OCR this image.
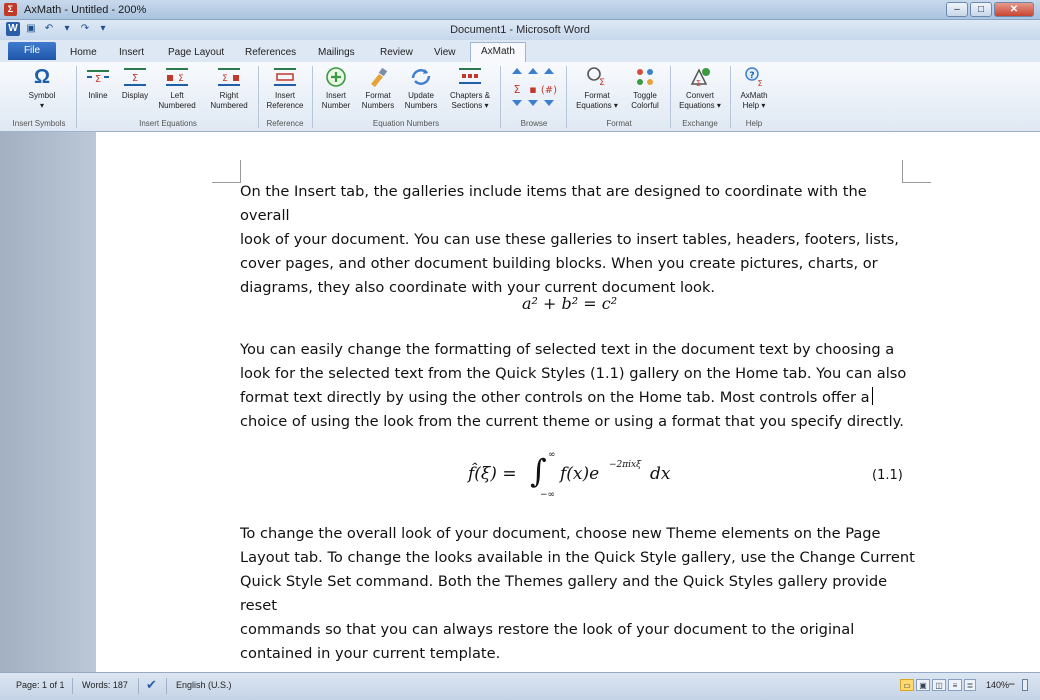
Σ AxMath - Untitled - 200%	–	□	✕
W ▣ ↶	▾	↷	▾	Document1 - Microsoft Word
File	Home Insert Page Layout References Mailings	Review View	AxMath
Ω
Symbol
▾
Σ
Inline
Σ
Display
Σ
Left
Numbered
Σ
Right
Numbered
Insert
Reference
Insert
Number
Format
Numbers
Update
Numbers
Chapters &
Sections ▾
Σ ▪ (#)
Σ
Format
Equations ▾
Toggle
Colorful
Σ
Convert
Equations ▾
?
Σ
AxMath
Help ▾
Insert Symbols	Insert Equations	Reference	Equation Numbers	Browse	Format	Exchange	Help
On the Insert tab, the galleries include items that are designed to coordinate with the overall
look of your document. You can use these galleries to insert tables, headers, footers, lists,
cover pages, and other document building blocks. When you create pictures, charts, or
diagrams, they also coordinate with your current document look.
a² + b² = c²
You can easily change the formatting of selected text in the document text by choosing a
look for the selected text from the Quick Styles (1.1) gallery on the Home tab. You can also
format text directly by using the other controls on the Home tab. Most controls offer a
choice of using the look from the current theme or using a format that you specify directly.
f̂(ξ) = ∫ ∞
−∞
f(x)e −2πixξ dx	(1.1)
To change the overall look of your document, choose new Theme elements on the Page
Layout tab. To change the looks available in the Quick Style gallery, use the Change Current
Quick Style Set command. Both the Themes gallery and the Quick Styles gallery provide reset
commands so that you can always restore the look of your document to the original
contained in your current template.
Page: 1 of 1 Words: 187 ✔ English (U.S.)	▭	▣	◫	≡	≣ 140%
−
